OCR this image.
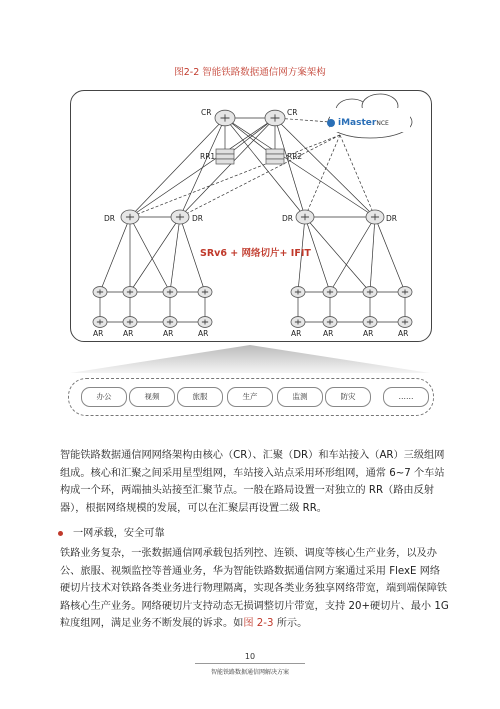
图2-2 智能铁路数据通信网方案架构
CR	CR
RR1	RR2
DR	DR	DR	DR
AR	AR	AR	AR	AR	AR	AR	AR
iMasterNCE
SRv6 + 网络切片+ IFIT
办公	视频	旅服	生产	监测	防灾	……
智能铁路数据通信网网络架构由核心（CR）、汇聚（DR）和车站接入（AR）三级组网组成。核心和汇聚之间采用星型组网，车站接入站点采用环形组网，通常 6~7 个车站构成一个环，两端抽头站接至汇聚节点。一般在路局设置一对独立的 RR（路由反射器），根据网络规模的发展，可以在汇聚层再设置二级 RR。
一网承载，安全可靠
铁路业务复杂，一张数据通信网承载包括列控、连锁、调度等核心生产业务，以及办公、旅服、视频监控等普通业务，华为智能铁路数据通信网方案通过采用 FlexE 网络硬切片技术对铁路各类业务进行物理隔离，实现各类业务独享网络带宽，端到端保障铁路核心生产业务。网络硬切片支持动态无损调整切片带宽，支持 20+硬切片、最小 1G 粒度组网，满足业务不断发展的诉求。如图 2-3 所示。
10
智能铁路数据通信网解决方案
